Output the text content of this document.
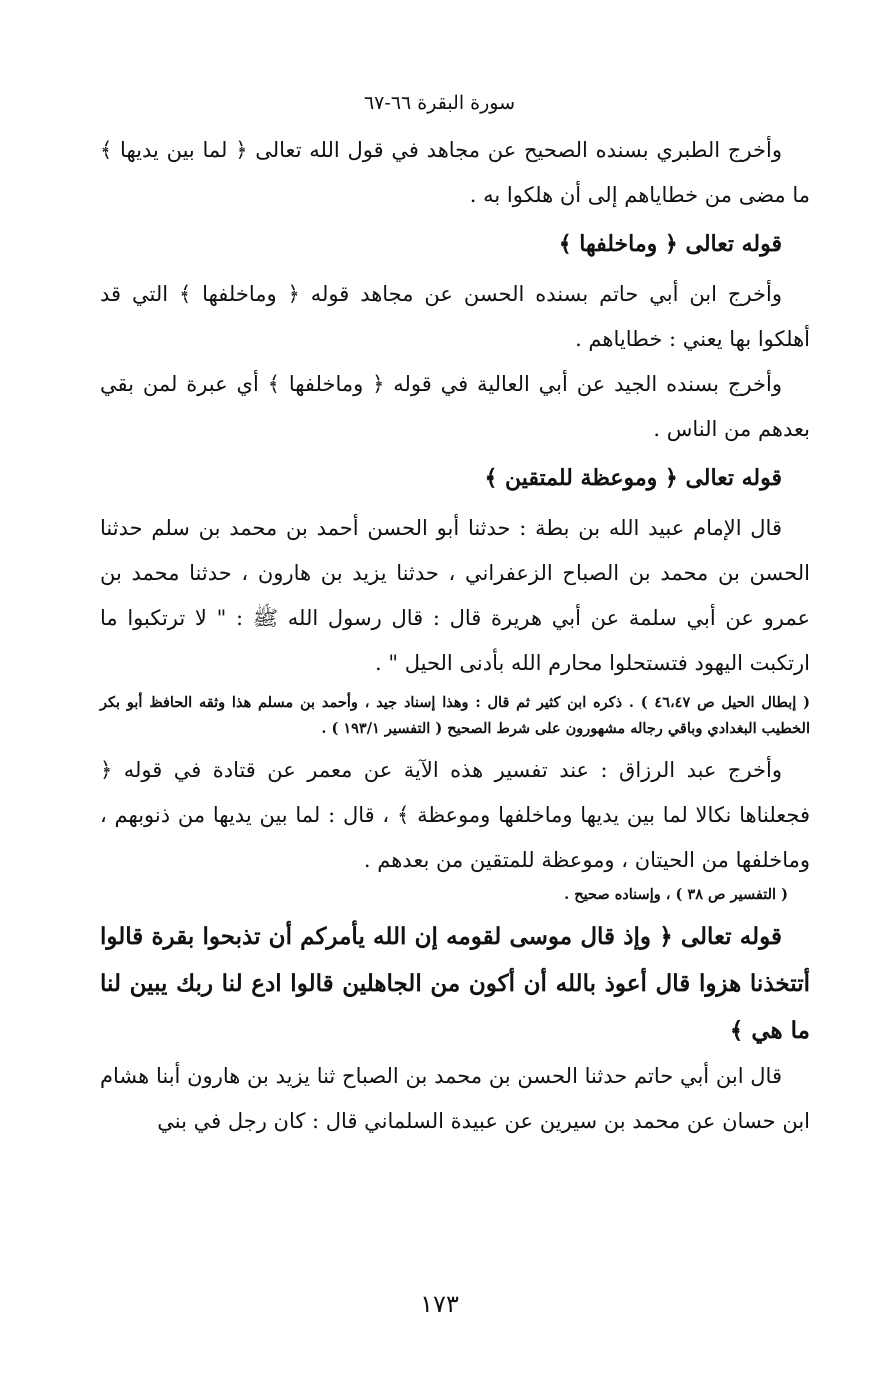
سورة البقرة ٦٦-٦٧

وأخرج الطبري بسنده الصحيح عن مجاهد في قول الله تعالى ﴿ لما بين يديها ﴾ ما مضى من خطاياهم إلى أن هلكوا به .

قوله تعالى ﴿ وماخلفها ﴾

وأخرج ابن أبي حاتم بسنده الحسن عن مجاهد قوله ﴿ وماخلفها ﴾ التي قد أهلكوا بها يعني : خطاياهم .

وأخرج بسنده الجيد عن أبي العالية في قوله ﴿ وماخلفها ﴾ أي عبرة لمن بقي بعدهم من الناس .

قوله تعالى ﴿ وموعظة للمتقين ﴾

قال الإمام عبيد الله بن بطة : حدثنا أبو الحسن أحمد بن محمد بن سلم حدثنا الحسن بن محمد بن الصباح الزعفراني ، حدثنا يزيد بن هارون ، حدثنا محمد بن عمرو عن أبي سلمة عن أبي هريرة قال : قال رسول الله ﷺ : " لا ترتكبوا ما ارتكبت اليهود فتستحلوا محارم الله بأدنى الحيل " .

( إبطال الحيل ص ٤٦،٤٧ ) . ذكره ابن كثير ثم قال : وهذا إسناد جيد ، وأحمد بن مسلم هذا وثقه الحافظ أبو بكر الخطيب البغدادي وباقي رجاله مشهورون على شرط الصحيح ( التفسير ١٩٣/١ ) .

وأخرج عبد الرزاق : عند تفسير هذه الآية عن معمر عن قتادة في قوله ﴿ فجعلناها نكالا لما بين يديها وماخلفها وموعظة ﴾ ، قال : لما بين يديها من ذنوبهم ، وماخلفها من الحيتان ، وموعظة للمتقين من بعدهم .

( التفسير ص ٣٨ ) ، وإسناده صحيح .

قوله تعالى ﴿ وإذ قال موسى لقومه إن الله يأمركم أن تذبحوا بقرة قالوا أتتخذنا هزوا قال أعوذ بالله أن أكون من الجاهلين قالوا ادع لنا ربك يبين لنا ما هي ﴾

قال ابن أبي حاتم حدثنا الحسن بن محمد بن الصباح ثنا يزيد بن هارون أبنا هشام ابن حسان عن محمد بن سيرين عن عبيدة السلماني قال : كان رجل في بني

١٧٣
